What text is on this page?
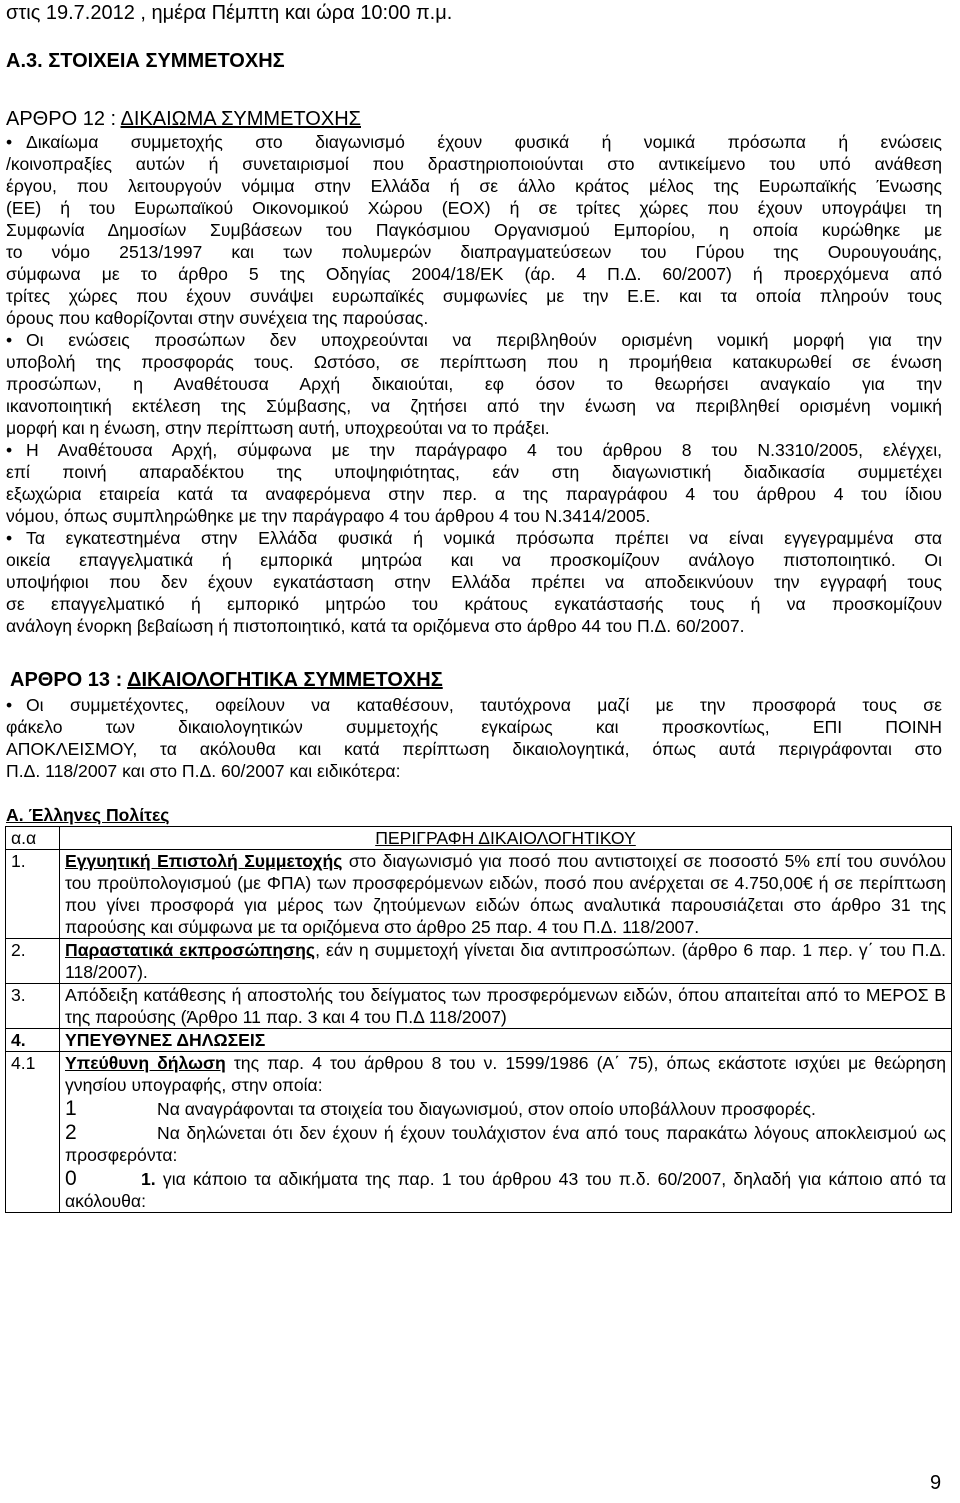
στις 19.7.2012 , ημέρα Πέμπτη και ώρα 10:00 π.μ.
Α.3. ΣΤΟΙΧΕΙΑ ΣΥΜΜΕΤΟΧΗΣ
ΑΡΘΡΟ 12 : ΔΙΚΑΙΩΜΑ ΣΥΜΜΕΤΟΧΗΣ
• Δικαίωμα συμμετοχής στο διαγωνισμό έχουν φυσικά ή νομικά πρόσωπα ή ενώσεις
/κοινοπραξίες αυτών ή συνεταιρισμοί που δραστηριοποιούνται στο αντικείμενο του υπό ανάθεση
έργου, που λειτουργούν νόμιμα στην Ελλάδα ή σε άλλο κράτος μέλος της Ευρωπαϊκής Ένωσης
(ΕΕ) ή του Ευρωπαϊκού Οικονομικού Χώρου (ΕΟΧ) ή σε τρίτες χώρες που έχουν υπογράψει τη
Συμφωνία Δημοσίων Συμβάσεων του Παγκόσμιου Οργανισμού Εμπορίου, η οποία κυρώθηκε με
το νόμο 2513/1997 και των πολυμερών διαπραγματεύσεων του Γύρου της Ουρουγουάης,
σύμφωνα με το άρθρο 5 της Οδηγίας 2004/18/ΕΚ (άρ. 4 Π.Δ. 60/2007) ή προερχόμενα από
τρίτες χώρες που έχουν συνάψει ευρωπαϊκές συμφωνίες με την Ε.Ε. και τα οποία πληρούν τους
όρους που καθορίζονται στην συνέχεια της παρούσας.
• Οι ενώσεις προσώπων δεν υποχρεούνται να περιβληθούν ορισμένη νομική μορφή για την
υποβολή της προσφοράς τους. Ωστόσο, σε περίπτωση που η προμήθεια κατακυρωθεί σε ένωση
προσώπων, η Αναθέτουσα Αρχή δικαιούται, εφ όσον το θεωρήσει αναγκαίο για την
ικανοποιητική εκτέλεση της Σύμβασης, να ζητήσει από την ένωση να περιβληθεί ορισμένη νομική
μορφή και η ένωση, στην περίπτωση αυτή, υποχρεούται να το πράξει.
• Η Αναθέτουσα Αρχή, σύμφωνα με την παράγραφο 4 του άρθρου 8 του Ν.3310/2005, ελέγχει,
επί ποινή απαραδέκτου της υποψηφιότητας, εάν στη διαγωνιστική διαδικασία συμμετέχει
εξωχώρια εταιρεία κατά τα αναφερόμενα στην περ. α της παραγράφου 4 του άρθρου 4 του ίδιου
νόμου, όπως συμπληρώθηκε με την παράγραφο 4 του άρθρου 4 του Ν.3414/2005.
• Τα εγκατεστημένα στην Ελλάδα φυσικά ή νομικά πρόσωπα πρέπει να είναι εγγεγραμμένα στα
οικεία επαγγελματικά ή εμπορικά μητρώα και να προσκομίζουν ανάλογο πιστοποιητικό. Οι
υποψήφιοι που δεν έχουν εγκατάσταση στην Ελλάδα πρέπει να αποδεικνύουν την εγγραφή τους
σε επαγγελματικό ή εμπορικό μητρώο του κράτους εγκατάστασής τους ή να προσκομίζουν
ανάλογη ένορκη βεβαίωση ή πιστοποιητικό, κατά τα οριζόμενα στο άρθρο 44 του Π.Δ. 60/2007.
ΑΡΘΡΟ 13 : ΔΙΚΑΙΟΛΟΓΗΤΙΚΑ ΣΥΜΜΕΤΟΧΗΣ
• Οι συμμετέχοντες, οφείλουν να καταθέσουν, ταυτόχρονα μαζί με την προσφορά τους σε
φάκελο των δικαιολογητικών συμμετοχής εγκαίρως και προσκοντίως, ΕΠΙ ΠΟΙΝΗ
ΑΠΟΚΛΕΙΣΜΟΥ, τα ακόλουθα και κατά περίπτωση δικαιολογητικά, όπως αυτά περιγράφονται στο
Π.Δ. 118/2007 και στο Π.Δ. 60/2007 και ειδικότερα:
Α. Έλληνες Πολίτες
α.α	ΠΕΡΙΓΡΑΦΗ ΔΙΚΑΙΟΛΟΓΗΤΙΚΟΥ
1.	Εγγυητική Επιστολή Συμμετοχής στο διαγωνισμό για ποσό που αντιστοιχεί σε ποσοστό 5% επί του συνόλου του προϋπολογισμού (με ΦΠΑ) των προσφερόμενων ειδών, ποσό που ανέρχεται σε 4.750,00€ ή σε περίπτωση που γίνει προσφορά για μέρος των ζητούμενων ειδών όπως αναλυτικά παρουσιάζεται στο άρθρο 31 της παρούσης και σύμφωνα με τα οριζόμενα στο άρθρο 25 παρ. 4 του Π.Δ. 118/2007.
2.	Παραστατικά εκπροσώπησης, εάν η συμμετοχή γίνεται δια αντιπροσώπων. (άρθρο 6 παρ. 1 περ. γ΄ του Π.Δ. 118/2007).
3.	Απόδειξη κατάθεσης ή αποστολής του δείγματος των προσφερόμενων ειδών, όπου απαιτείται από το ΜΕΡΟΣ Β της παρούσης (Άρθρο 11 παρ. 3 και 4 του Π.Δ 118/2007)
4.	ΥΠΕΥΘΥΝΕΣ ΔΗΛΩΣΕΙΣ
4.1	Υπεύθυνη δήλωση της παρ. 4 του άρθρου 8 του ν. 1599/1986 (Α΄ 75), όπως εκάστοτε ισχύει με θεώρηση γνησίου υπογραφής, στην οποία:
1 Να αναγράφονται τα στοιχεία του διαγωνισμού, στον οποίο υποβάλλουν προσφορές.
2 Να δηλώνεται ότι δεν έχουν ή έχουν τουλάχιστον ένα από τους παρακάτω λόγους αποκλεισμού ως προσφερόντα:
0 1. για κάποιο τα αδικήματα της παρ. 1 του άρθρου 43 του π.δ. 60/2007, δηλαδή για κάποιο από τα ακόλουθα:
9
